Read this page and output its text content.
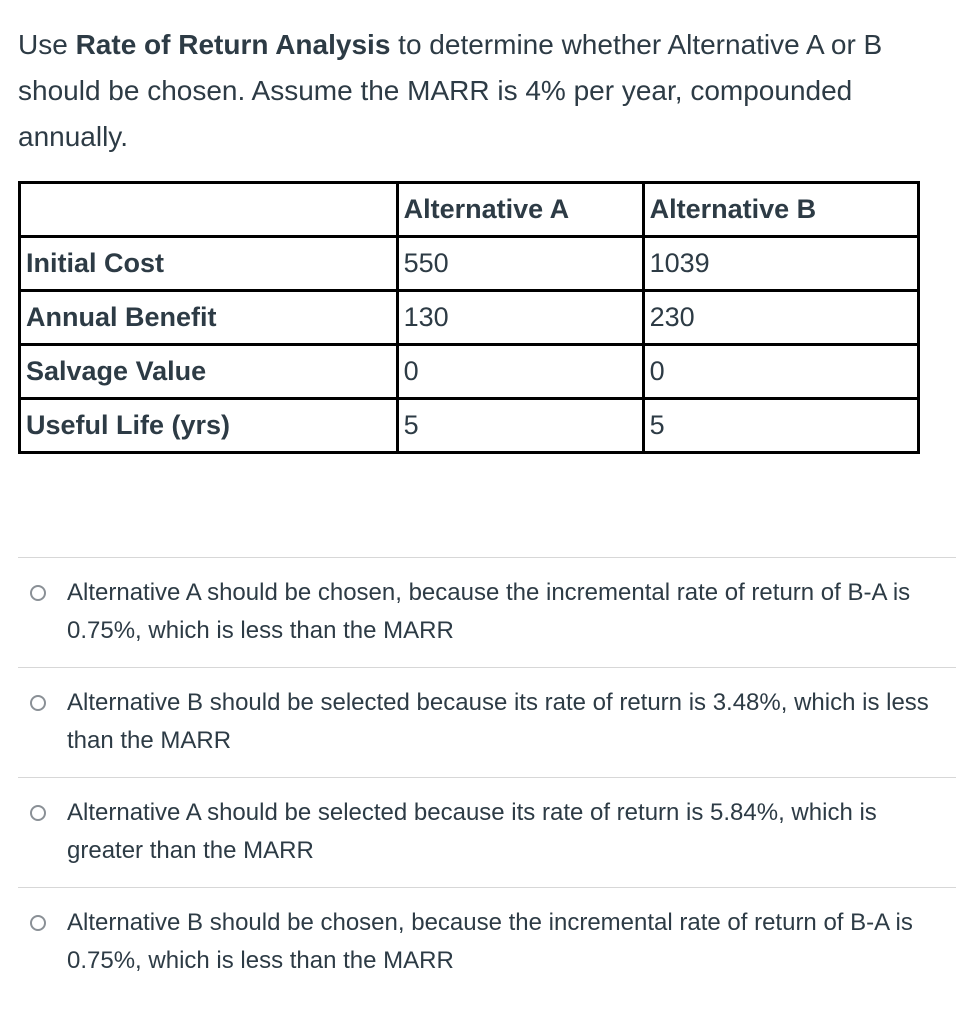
Use Rate of Return Analysis to determine whether Alternative A or B should be chosen. Assume the MARR is 4% per year, compounded annually.
	Alternative A	Alternative B
Initial Cost	550	1039
Annual Benefit	130	230
Salvage Value	0	0
Useful Life (yrs)	5	5
Alternative A should be chosen, because the incremental rate of return of B-A is 0.75%, which is less than the MARR
Alternative B should be selected because its rate of return is 3.48%, which is less than the MARR
Alternative A should be selected because its rate of return is 5.84%, which is greater than the MARR
Alternative B should be chosen, because the incremental rate of return of B-A is 0.75%, which is less than the MARR
